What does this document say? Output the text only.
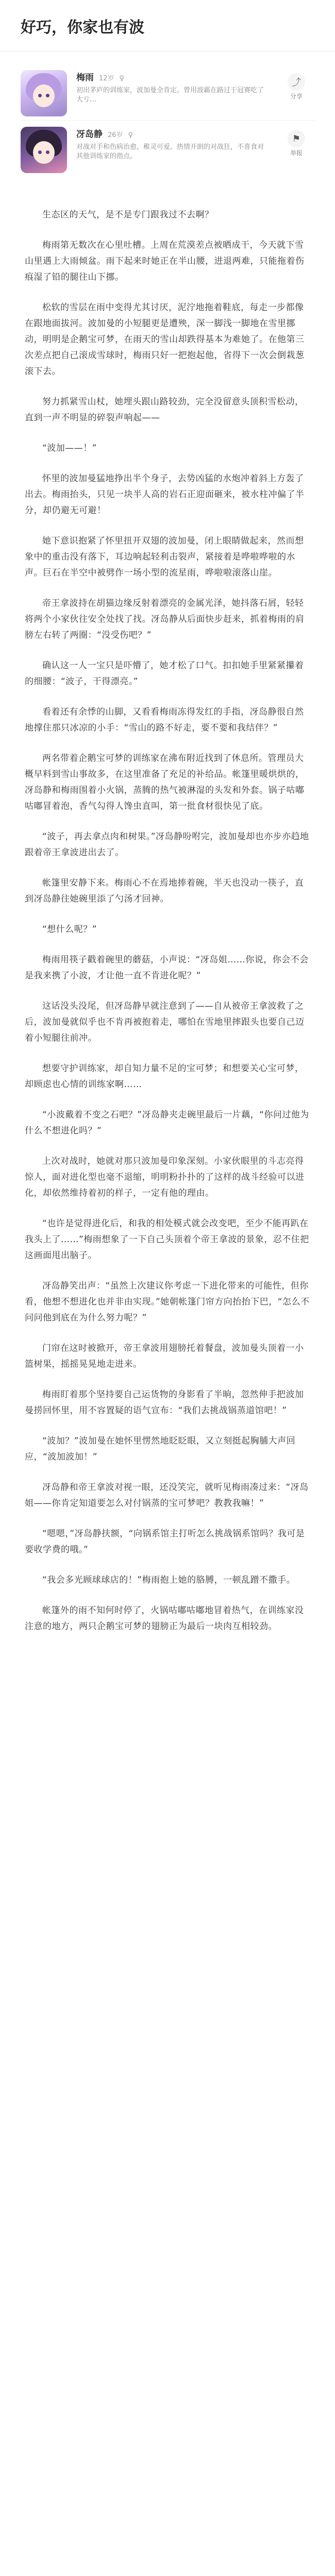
好巧，你家也有波
梅雨 12岁 ♀
初出茅庐的训练家，波加曼全肯定。曾用波霸在路过于冠赛吃了大亏…
⤴
分享
冴岛静 26岁 ♀
对战对手和伤病治愈，稚灵可爱。热情开朗的对战狂，不喜食对其他训练家的指点。
⚑
举报

生态区的天气，是不是专门跟我过不去啊？

梅雨第无数次在心里吐槽。上周在荒漠差点被晒成干，今天就下雪山里遇上大雨倾盆。雨下起来时她正在半山腰，进退两难，只能拖着伤痕湿了铅的腿往山下挪。

松软的雪层在雨中变得尤其讨厌，泥泞地拖着鞋底，每走一步都像在跟地面拔河。波加曼的小短腿更是遭殃，深一脚浅一脚地在雪里挪动，明明是企鹅宝可梦，在雨天的雪山却跌得基本为难她了。在他第三次差点把自己滚成雪球时，梅雨只好一把抱起他，省得下一次会倒栽葱滚下去。

努力抓紧雪山杖，她埋头跟山路较劲，完全没留意头顶积雪松动，直到一声不明显的碎裂声响起——

“波加——！”

怀里的波加曼猛地挣出半个身子，去势凶猛的水炮冲着斜上方轰了出去。梅雨抬头，只见一块半人高的岩石正迎面砸来，被水柱冲偏了半分，却仍避无可避！

她下意识抱紧了怀里扭开双翅的波加曼，闭上眼睛做起来，然而想象中的重击没有落下，耳边响起轻利击裂声，紧接着是哗啦哗啦的水声。巨石在半空中被劈作一场小型的流星雨，哗啦啦滚落山崖。

帝王拿波持在胡猫边缘反射着漂亮的金属光泽，她抖落石屑，轻轻将两个小家伙往安全处找了找。冴岛静从后面快步赶来，抓着梅雨的肩膀左右转了两圈：“没受伤吧？”

确认这一人一宝只是吓懵了，她才松了口气。扣扣她手里紧紧攥着的细腰：“波子，干得漂亮。”

看着还有余悸的山脚，又看看梅雨冻得发红的手指，冴岛静很自然地撑住那只冰凉的小手：“雪山的路不好走，要不要和我结伴？”

两名带着企鹅宝可梦的训练家在沸布附近找到了休息所。管理员大概早料到雪山事故多，在这里准备了充足的补给品。帐篷里暖烘烘的，冴岛静和梅雨围着小火锅，蒸腾的热气被淋湿的头发和外套。锅子咕嘟咕嘟冒着泡，香气勾得人馋虫直叫，第一批食材很快见了底。

“波子，再去拿点肉和树果。”冴岛静吩咐完，波加曼却也亦步亦趋地跟着帝王拿波进出去了。

帐篷里安静下来。梅雨心不在焉地捧着碗，半天也没动一筷子，直到冴岛静往她碗里添了勺汤才回神。

“想什么呢？”

梅雨用筷子戳着碗里的蘑菇，小声说：“冴岛姐……你说，你会不会是我来携了小波，才让他一直不肯进化呢？”

这话没头没尾，但冴岛静早就注意到了——自从被帝王拿波救了之后，波加曼就似乎也不肯再被抱着走，哪怕在雪地里摔跟头也要自己迈着小短腿往前冲。

想要守护训练家，却自知力量不足的宝可梦；和想要关心宝可梦，却顾虑也心情的训练家啊……

“小波戴着不变之石吧？”冴岛静夹走碗里最后一片藕，“你问过他为什么不想进化吗？”

上次对战时，她就对那只波加曼印象深刻。小家伙眼里的斗志亮得惊人，面对进化型也毫不退缩，明明粉扑扑的了这样的战斗经验可以进化，却依然维持着初的样子，一定有他的理由。

“也许是觉得进化后，和我的相处模式就会改变吧，至少不能再趴在我头上了……”梅雨想象了一下自己头顶着个帝王拿波的景象，忍不住把这画面甩出脑子。

冴岛静笑出声：“虽然上次建议你考虑一下进化带来的可能性，但你看，他想不想进化也并非由实现。”她朝帐篷门帘方向抬抬下巴，“怎么不问问他到底在为什么努力呢？”

门帘在这时被掀开，帝王拿波用翅膀托着餐盘，波加曼头顶着一小篮树果，摇摇晃晃地走进来。

梅雨盯着那个坚持要自己运货物的身影看了半晌，忽然伸手把波加曼捞回怀里，用不容置疑的语气宣布：“我们去挑战锅蒸道馆吧！”

“波加？”波加曼在她怀里愣然地眨眨眼，又立刻挺起胸脯大声回应，“波加波加！”

冴岛静和帝王拿波对视一眼，还没笑完，就听见梅雨凑过来：“冴岛姐——你肯定知道要怎么对付锅蒸的宝可梦吧？教教我嘛！”

“嗯嗯，”冴岛静扶额，“向锅系馆主打听怎么挑战锅系馆吗？我可是要收学费的哦。”

“我会多光顾球球店的！”梅雨抱上她的胳膊，一顿乱蹭不撒手。

帐篷外的雨不知何时停了，火锅咕嘟咕嘟地冒着热气，在训练家没注意的地方，两只企鹅宝可梦的翅膀正为最后一块肉互相较劲。
